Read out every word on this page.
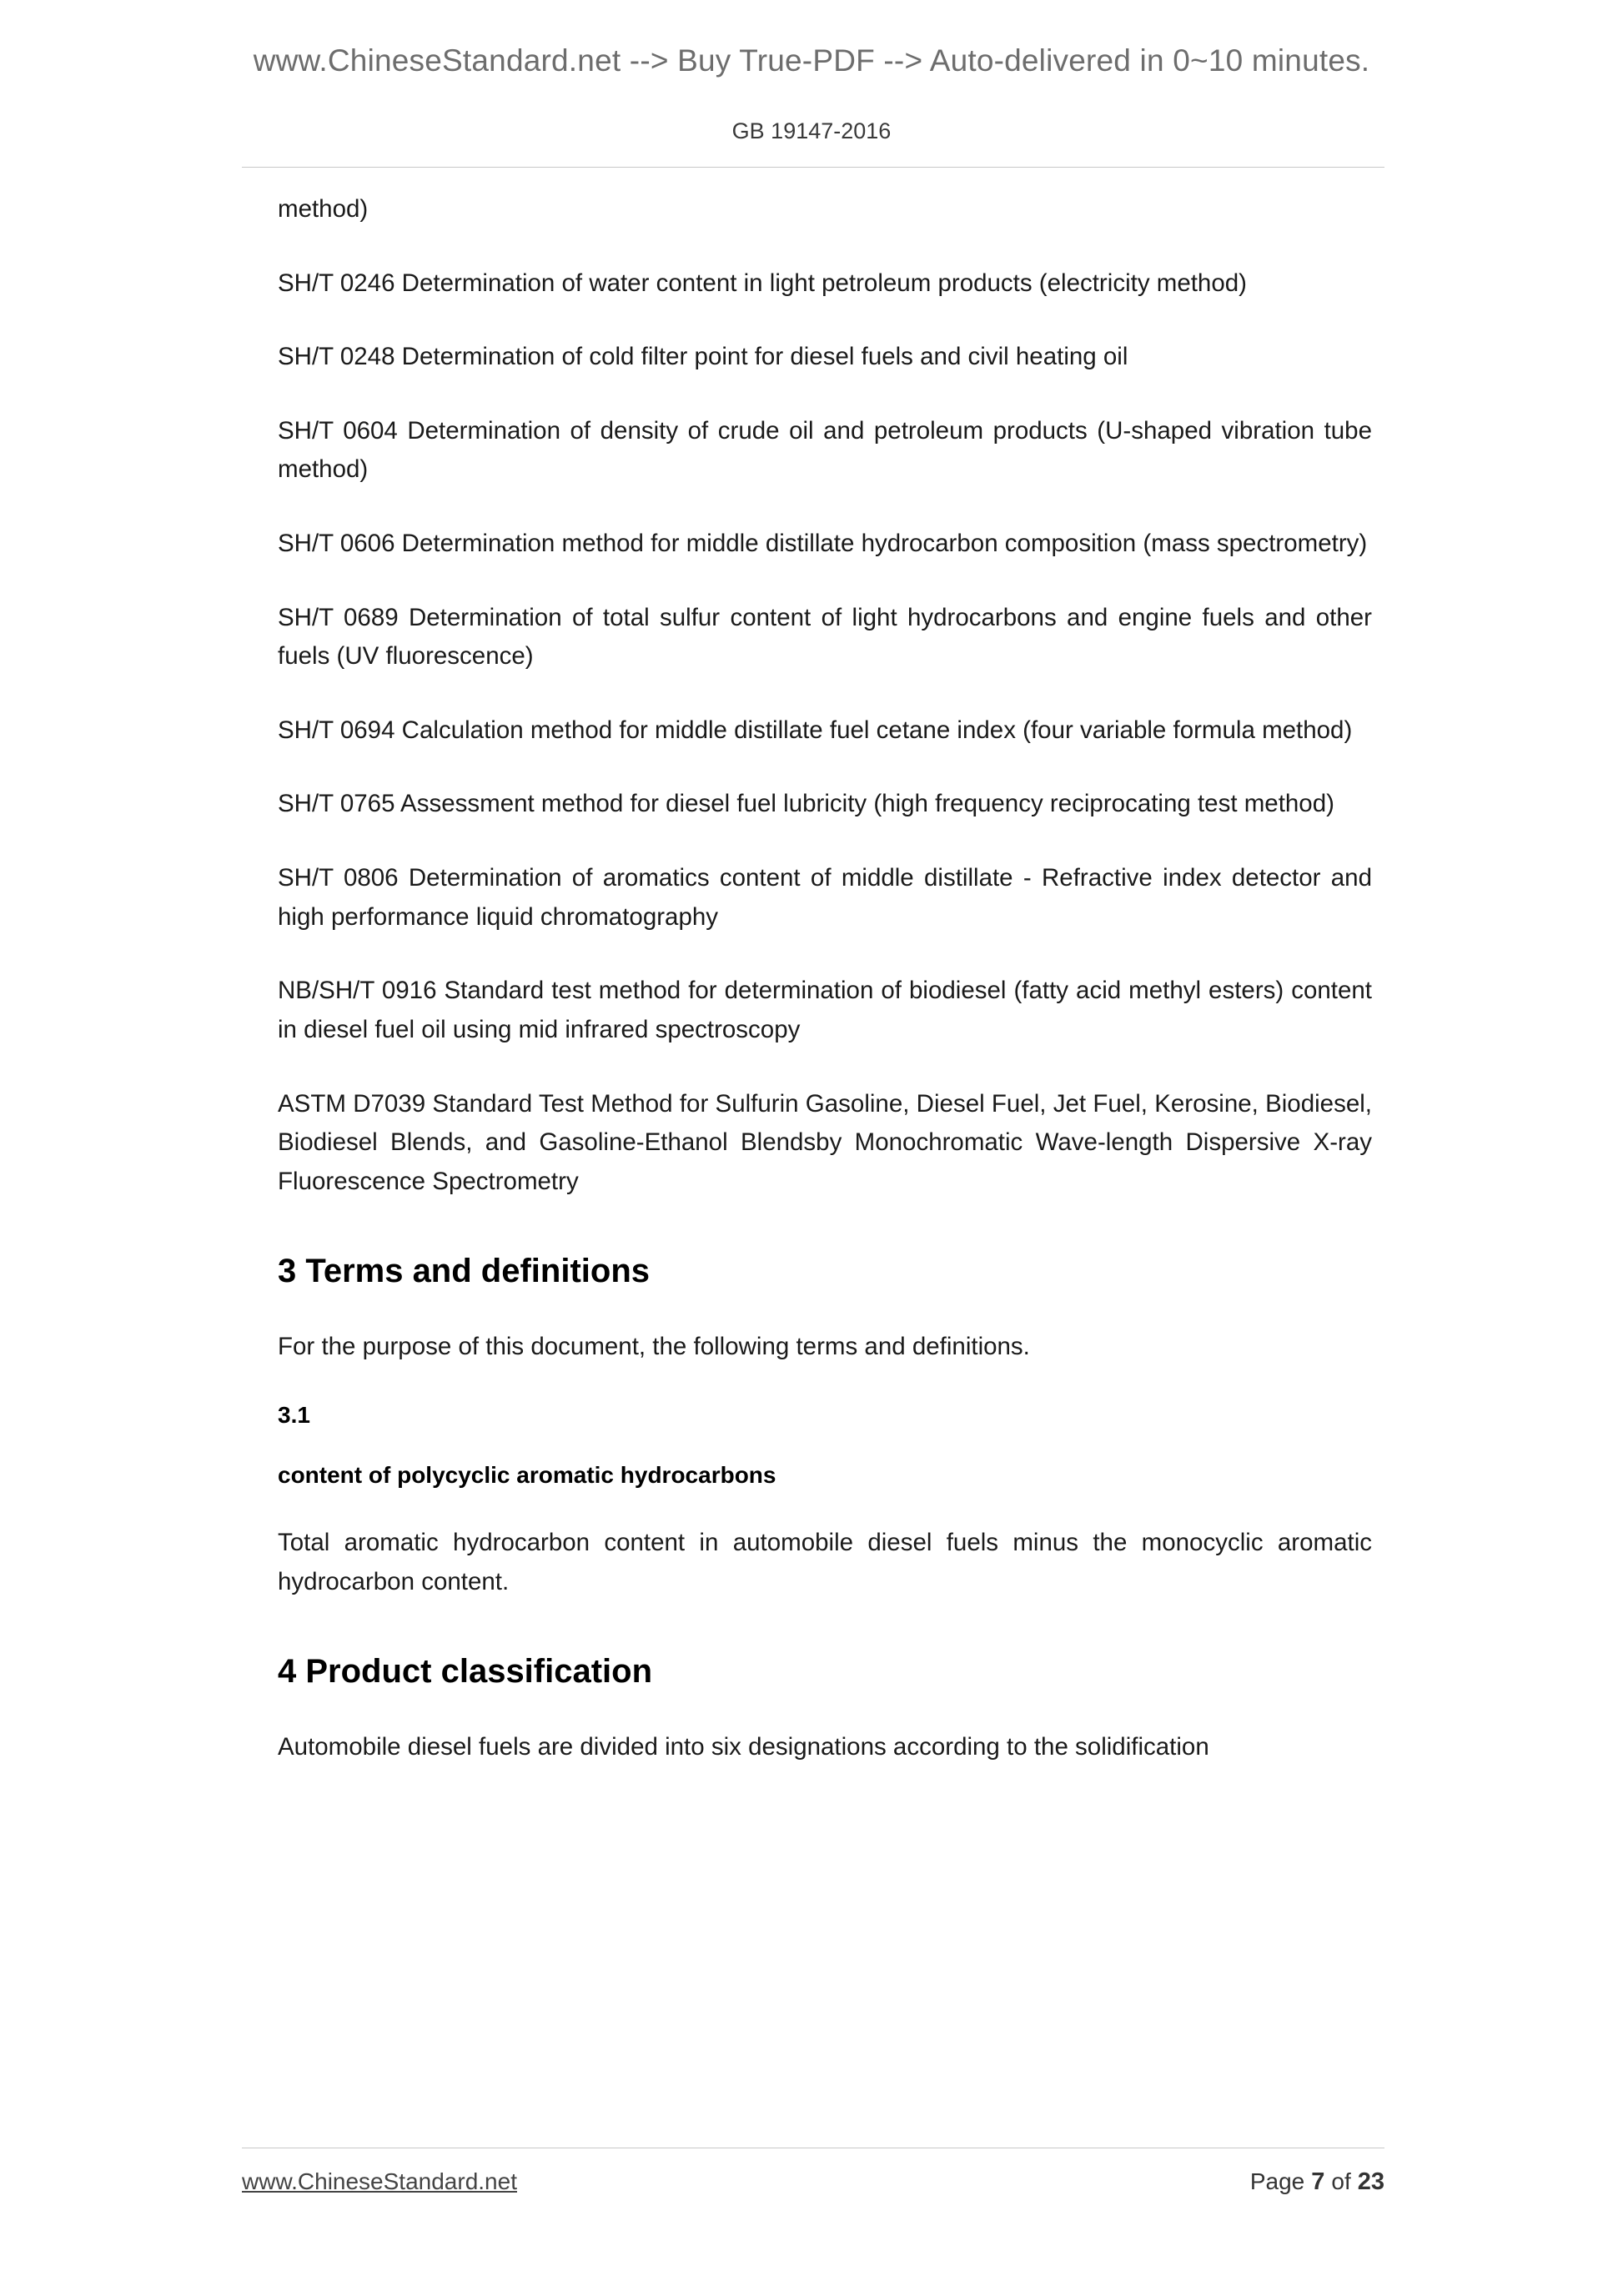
www.ChineseStandard.net --> Buy True-PDF --> Auto-delivered in 0~10 minutes.
GB 19147-2016

method)

SH/T 0246 Determination of water content in light petroleum products (electricity method)

SH/T 0248 Determination of cold filter point for diesel fuels and civil heating oil

SH/T 0604 Determination of density of crude oil and petroleum products (U-shaped vibration tube method)

SH/T 0606 Determination method for middle distillate hydrocarbon composition (mass spectrometry)

SH/T 0689 Determination of total sulfur content of light hydrocarbons and engine fuels and other fuels (UV fluorescence)

SH/T 0694 Calculation method for middle distillate fuel cetane index (four variable formula method)

SH/T 0765 Assessment method for diesel fuel lubricity (high frequency reciprocating test method)

SH/T 0806 Determination of aromatics content of middle distillate - Refractive index detector and high performance liquid chromatography

NB/SH/T 0916 Standard test method for determination of biodiesel (fatty acid methyl esters) content in diesel fuel oil using mid infrared spectroscopy

ASTM D7039 Standard Test Method for Sulfurin Gasoline, Diesel Fuel, Jet Fuel, Kerosine, Biodiesel, Biodiesel Blends, and Gasoline-Ethanol Blendsby Monochromatic Wave-length Dispersive X-ray Fluorescence Spectrometry

3 Terms and definitions

For the purpose of this document, the following terms and definitions.

3.1

content of polycyclic aromatic hydrocarbons

Total aromatic hydrocarbon content in automobile diesel fuels minus the monocyclic aromatic hydrocarbon content.

4 Product classification

Automobile diesel fuels are divided into six designations according to the solidification

www.ChineseStandard.net	Page 7 of 23
